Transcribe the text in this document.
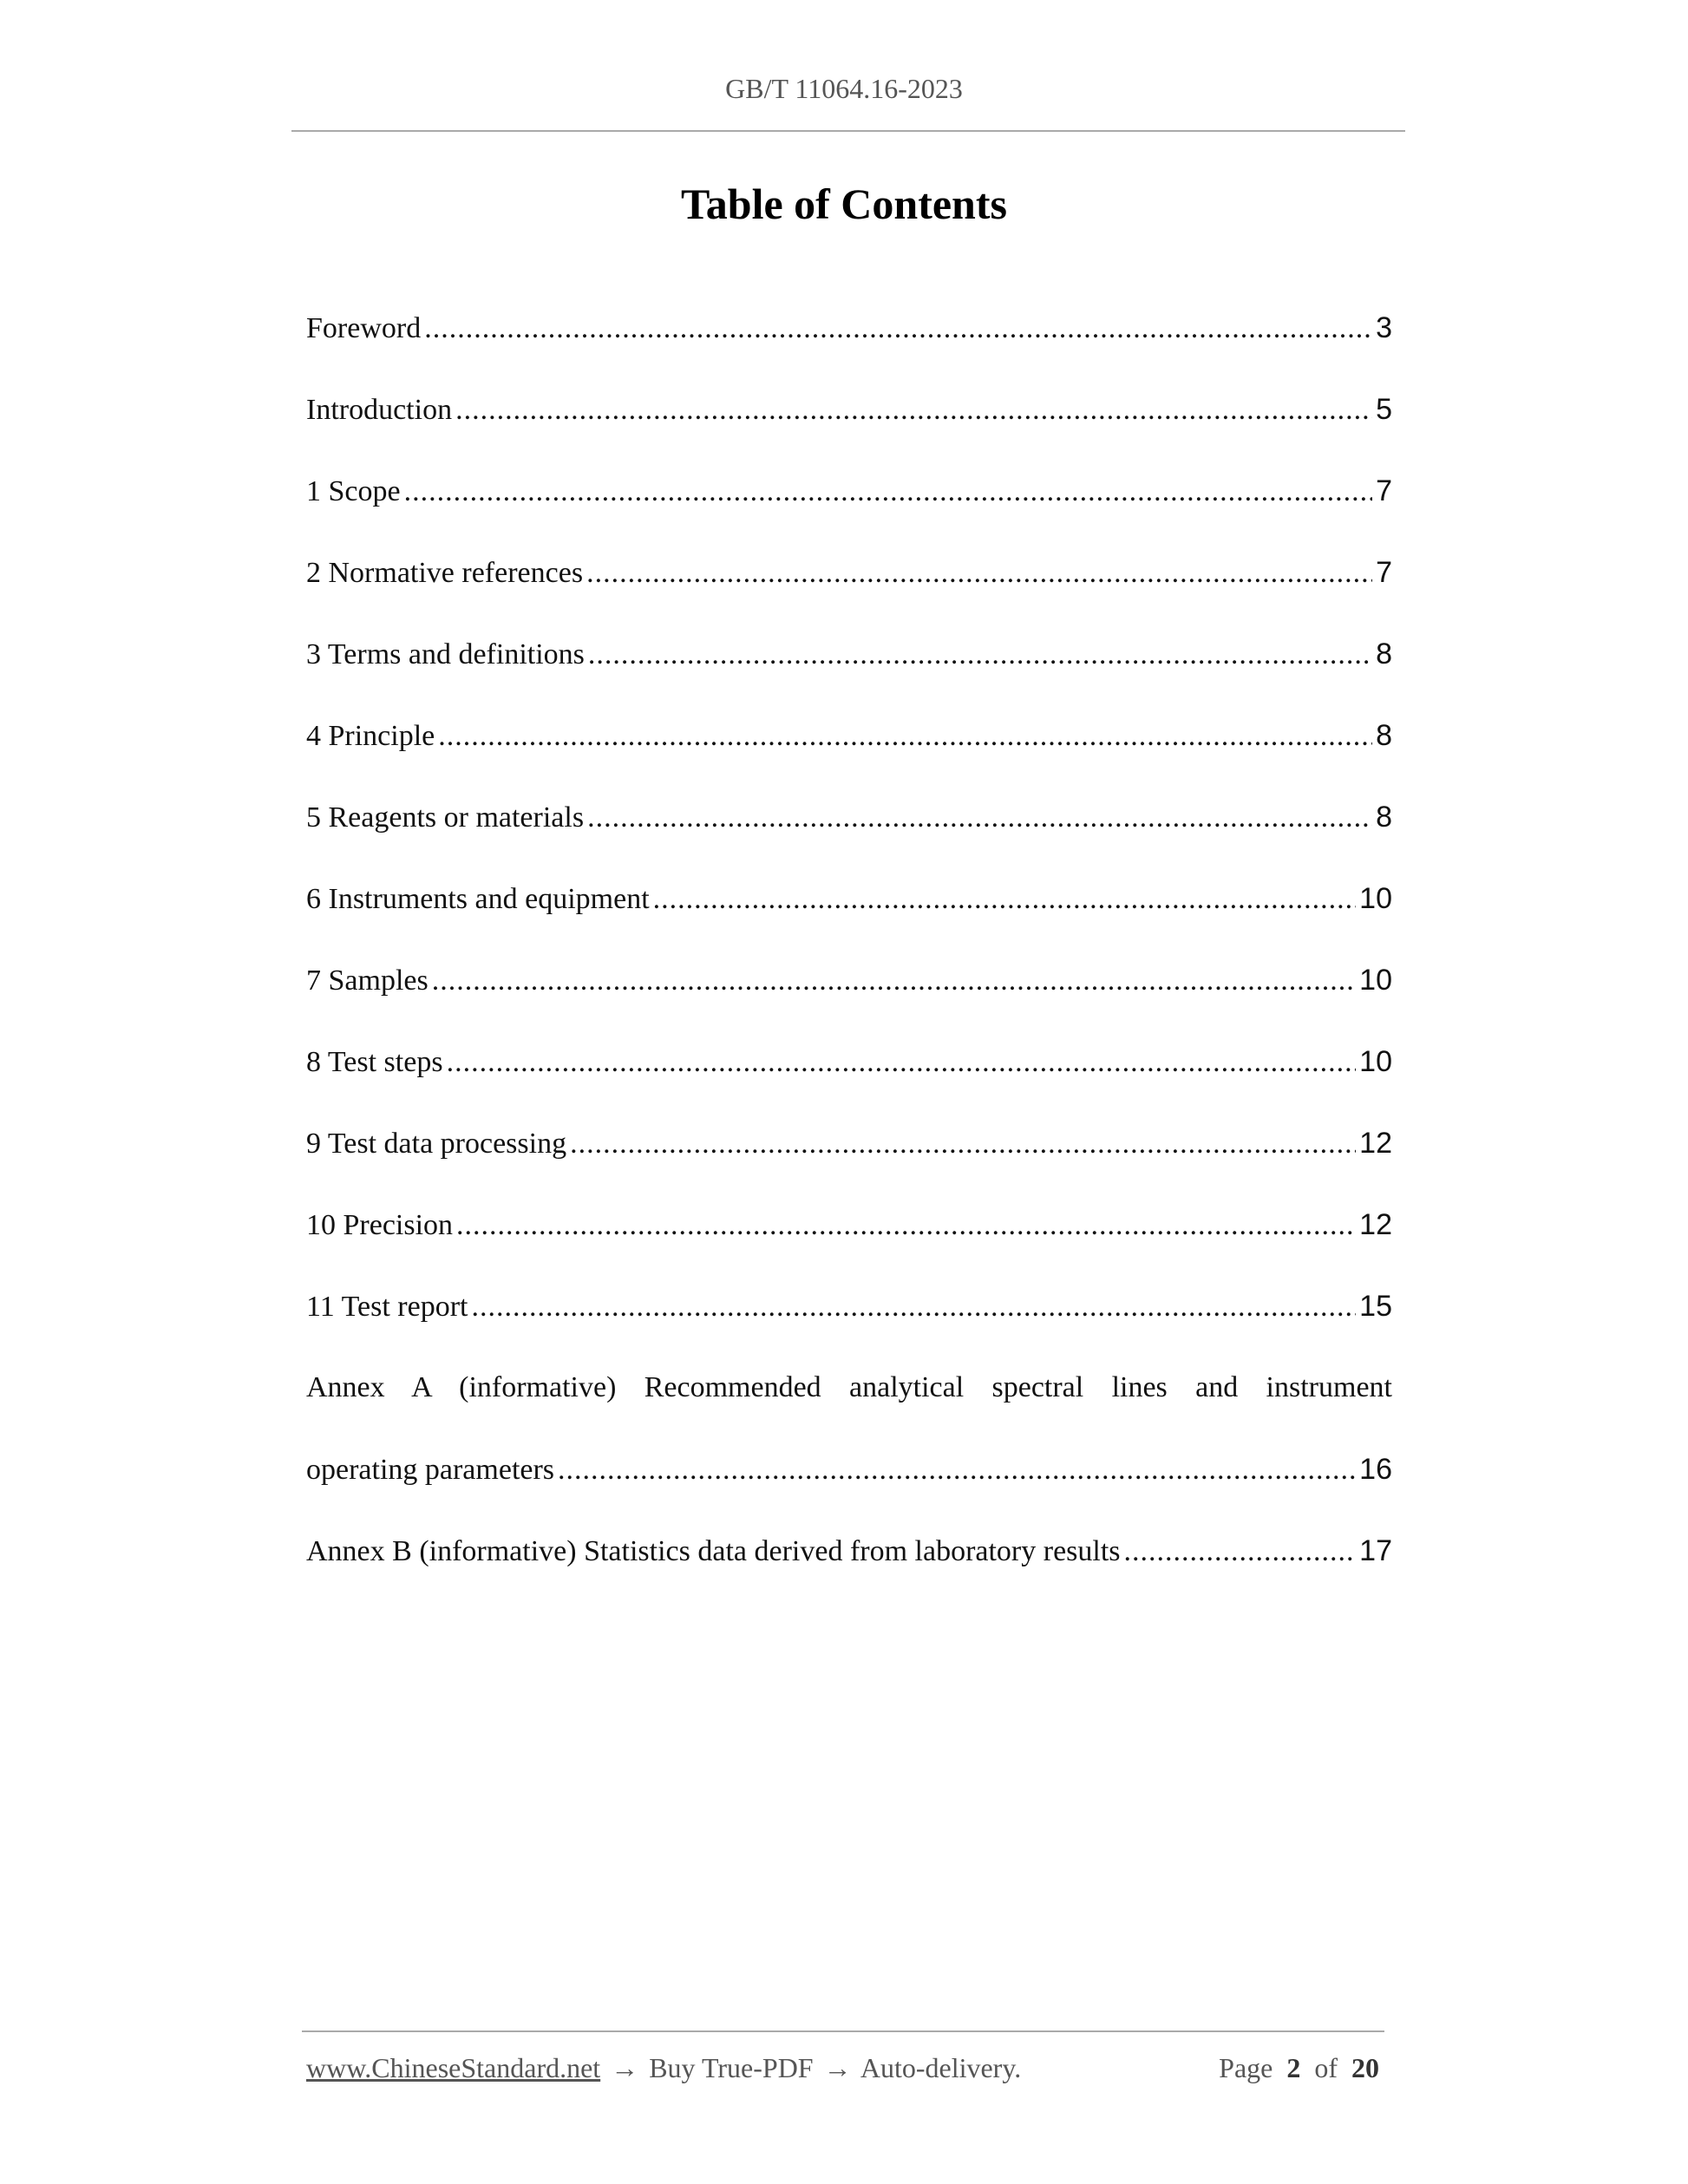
GB/T 11064.16-2023

Table of Contents
Foreword .....	3
Introduction .....	5
1 Scope .....	7
2 Normative references .....	7
3 Terms and definitions .....	8
4 Principle .....	8
5 Reagents or materials .....	8
6 Instruments and equipment .....	10
7 Samples .....	10
8 Test steps .....	10
9 Test data processing .....	12
10 Precision .....	12
11 Test report .....	15
Annex A (informative) Recommended analytical spectral lines and instrument
operating parameters .....	16
Annex B (informative) Statistics data derived from laboratory results .....	17
www.ChineseStandard.net → Buy True-PDF → Auto-delivery.	Page 2 of 20
